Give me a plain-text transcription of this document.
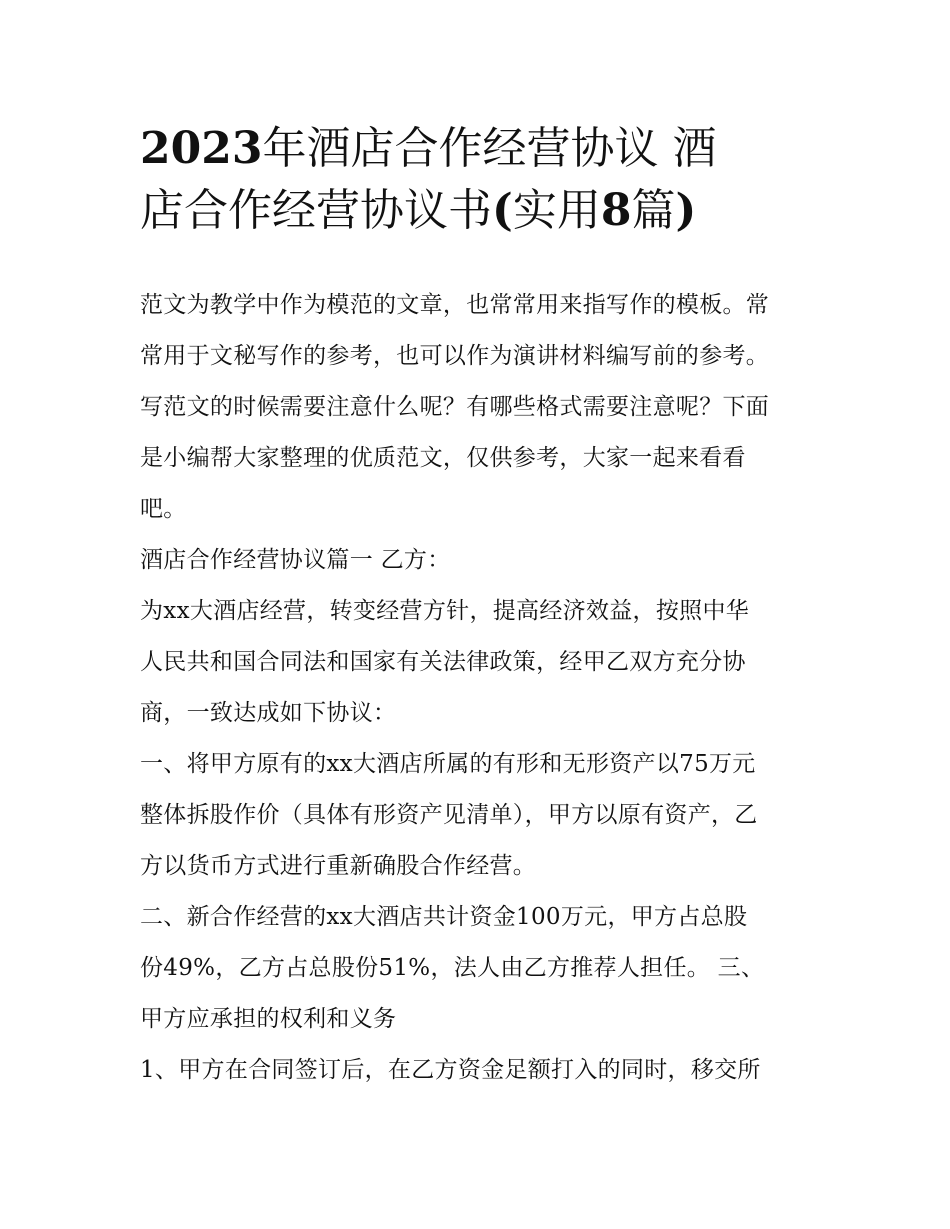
2023年酒店合作经营协议 酒
店合作经营协议书(实用8篇)

范文为教学中作为模范的文章，也常常用来指写作的模板。常
常用于文秘写作的参考，也可以作为演讲材料编写前的参考。
写范文的时候需要注意什么呢？有哪些格式需要注意呢？下面
是小编帮大家整理的优质范文，仅供参考，大家一起来看看
吧。

酒店合作经营协议篇一 乙方：

为xx大酒店经营，转变经营方针，提高经济效益，按照中华
人民共和国合同法和国家有关法律政策，经甲乙双方充分协
商，一致达成如下协议：

一、将甲方原有的xx大酒店所属的有形和无形资产以75万元
整体拆股作价（具体有形资产见清单），甲方以原有资产，乙
方以货币方式进行重新确股合作经营。

二、新合作经营的xx大酒店共计资金100万元，甲方占总股
份49%，乙方占总股份51%，法人由乙方推荐人担任。 三、
甲方应承担的权利和义务

1、甲方在合同签订后，在乙方资金足额打入的同时，移交所
